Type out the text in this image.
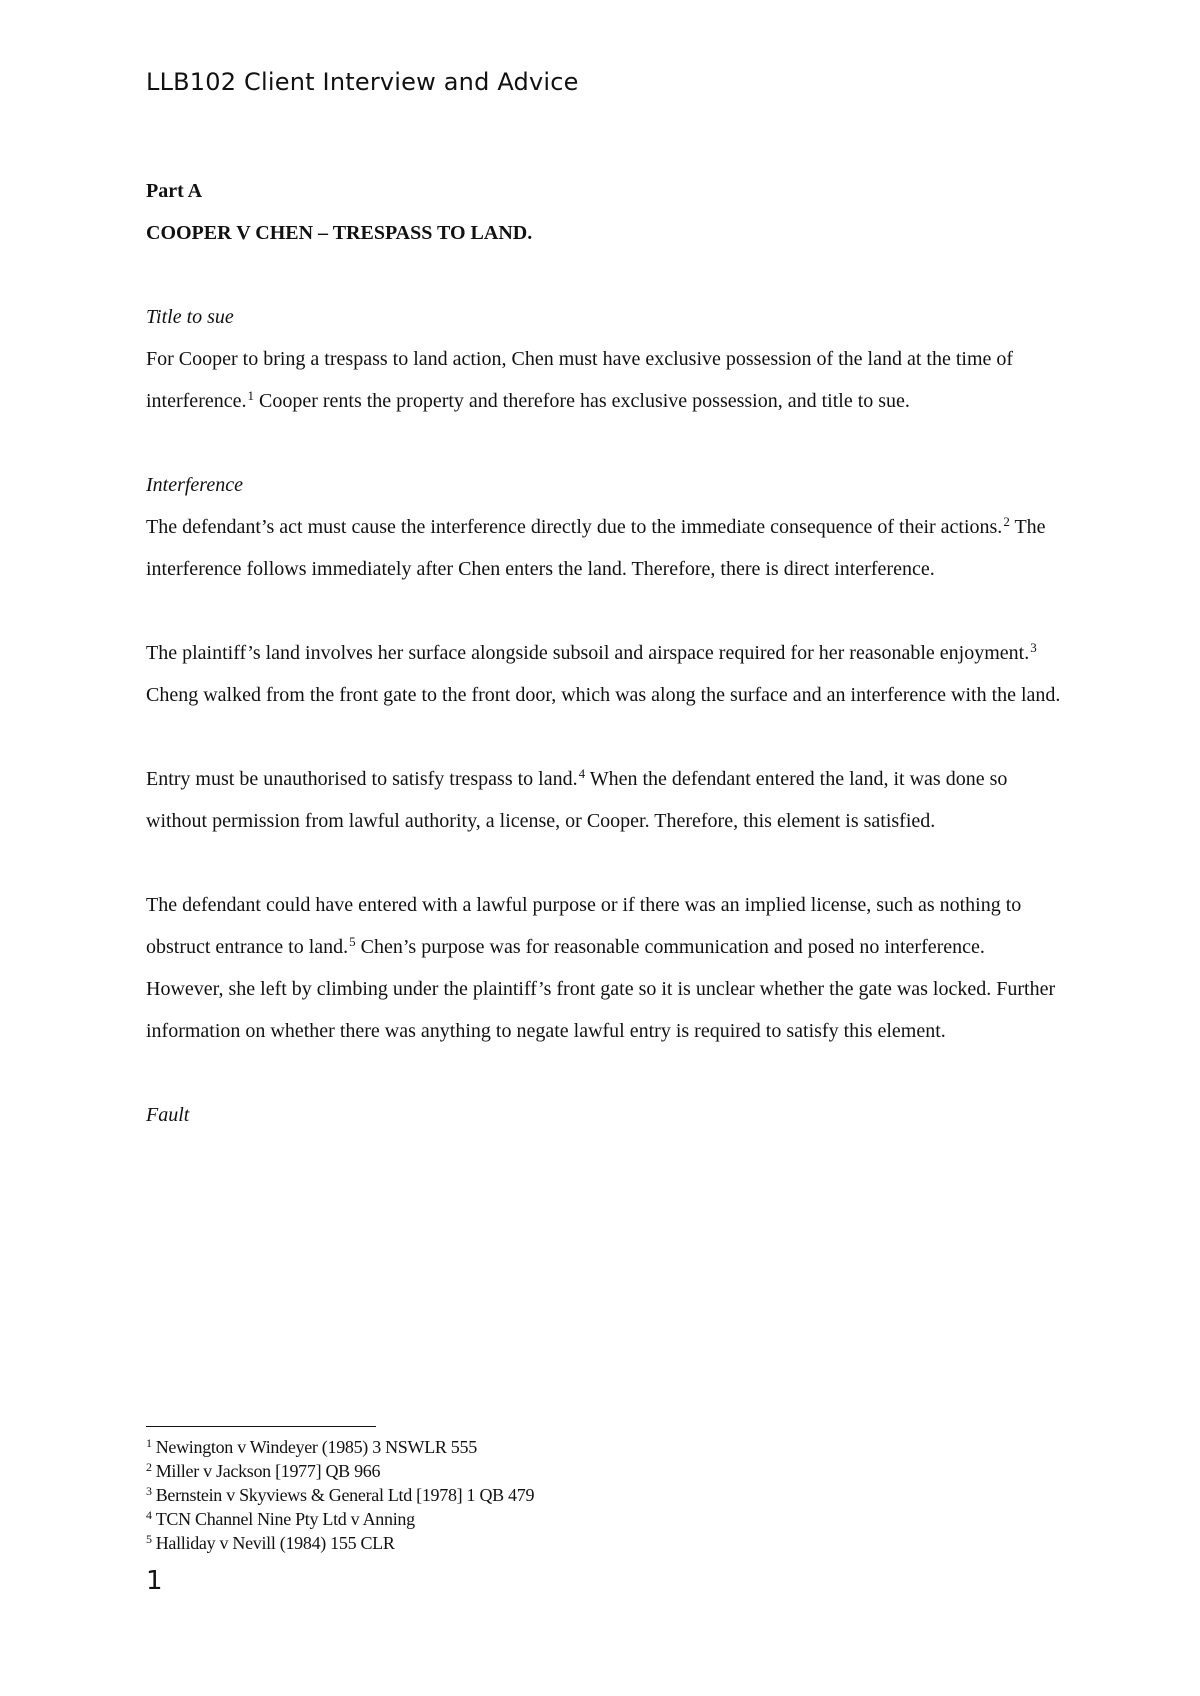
LLB102 Client Interview and Advice

Part A

COOPER V CHEN – TRESPASS TO LAND.

Title to sue

For Cooper to bring a trespass to land action, Chen must have exclusive possession of the land at the time of interference.$^1$ Cooper rents the property and therefore has exclusive possession, and title to sue.

Interference

The defendant’s act must cause the interference directly due to the immediate consequence of their actions.$^2$ The interference follows immediately after Chen enters the land. Therefore, there is direct interference.

The plaintiff’s land involves her surface alongside subsoil and airspace required for her reasonable enjoyment.$^3$ Cheng walked from the front gate to the front door, which was along the surface and an interference with the land.

Entry must be unauthorised to satisfy trespass to land.$^4$ When the defendant entered the land, it was done so without permission from lawful authority, a license, or Cooper. Therefore, this element is satisfied.

The defendant could have entered with a lawful purpose or if there was an implied license, such as nothing to obstruct entrance to land.$^5$ Chen’s purpose was for reasonable communication and posed no interference. However, she left by climbing under the plaintiff’s front gate so it is unclear whether the gate was locked. Further information on whether there was anything to negate lawful entry is required to satisfy this element.

Fault

$^1$ Newington v Windeyer (1985) 3 NSWLR 555
$^2$ Miller v Jackson [1977] QB 966
$^3$ Bernstein v Skyviews & General Ltd [1978] 1 QB 479
$^4$ TCN Channel Nine Pty Ltd v Anning
$^5$ Halliday v Nevill (1984) 155 CLR
1
